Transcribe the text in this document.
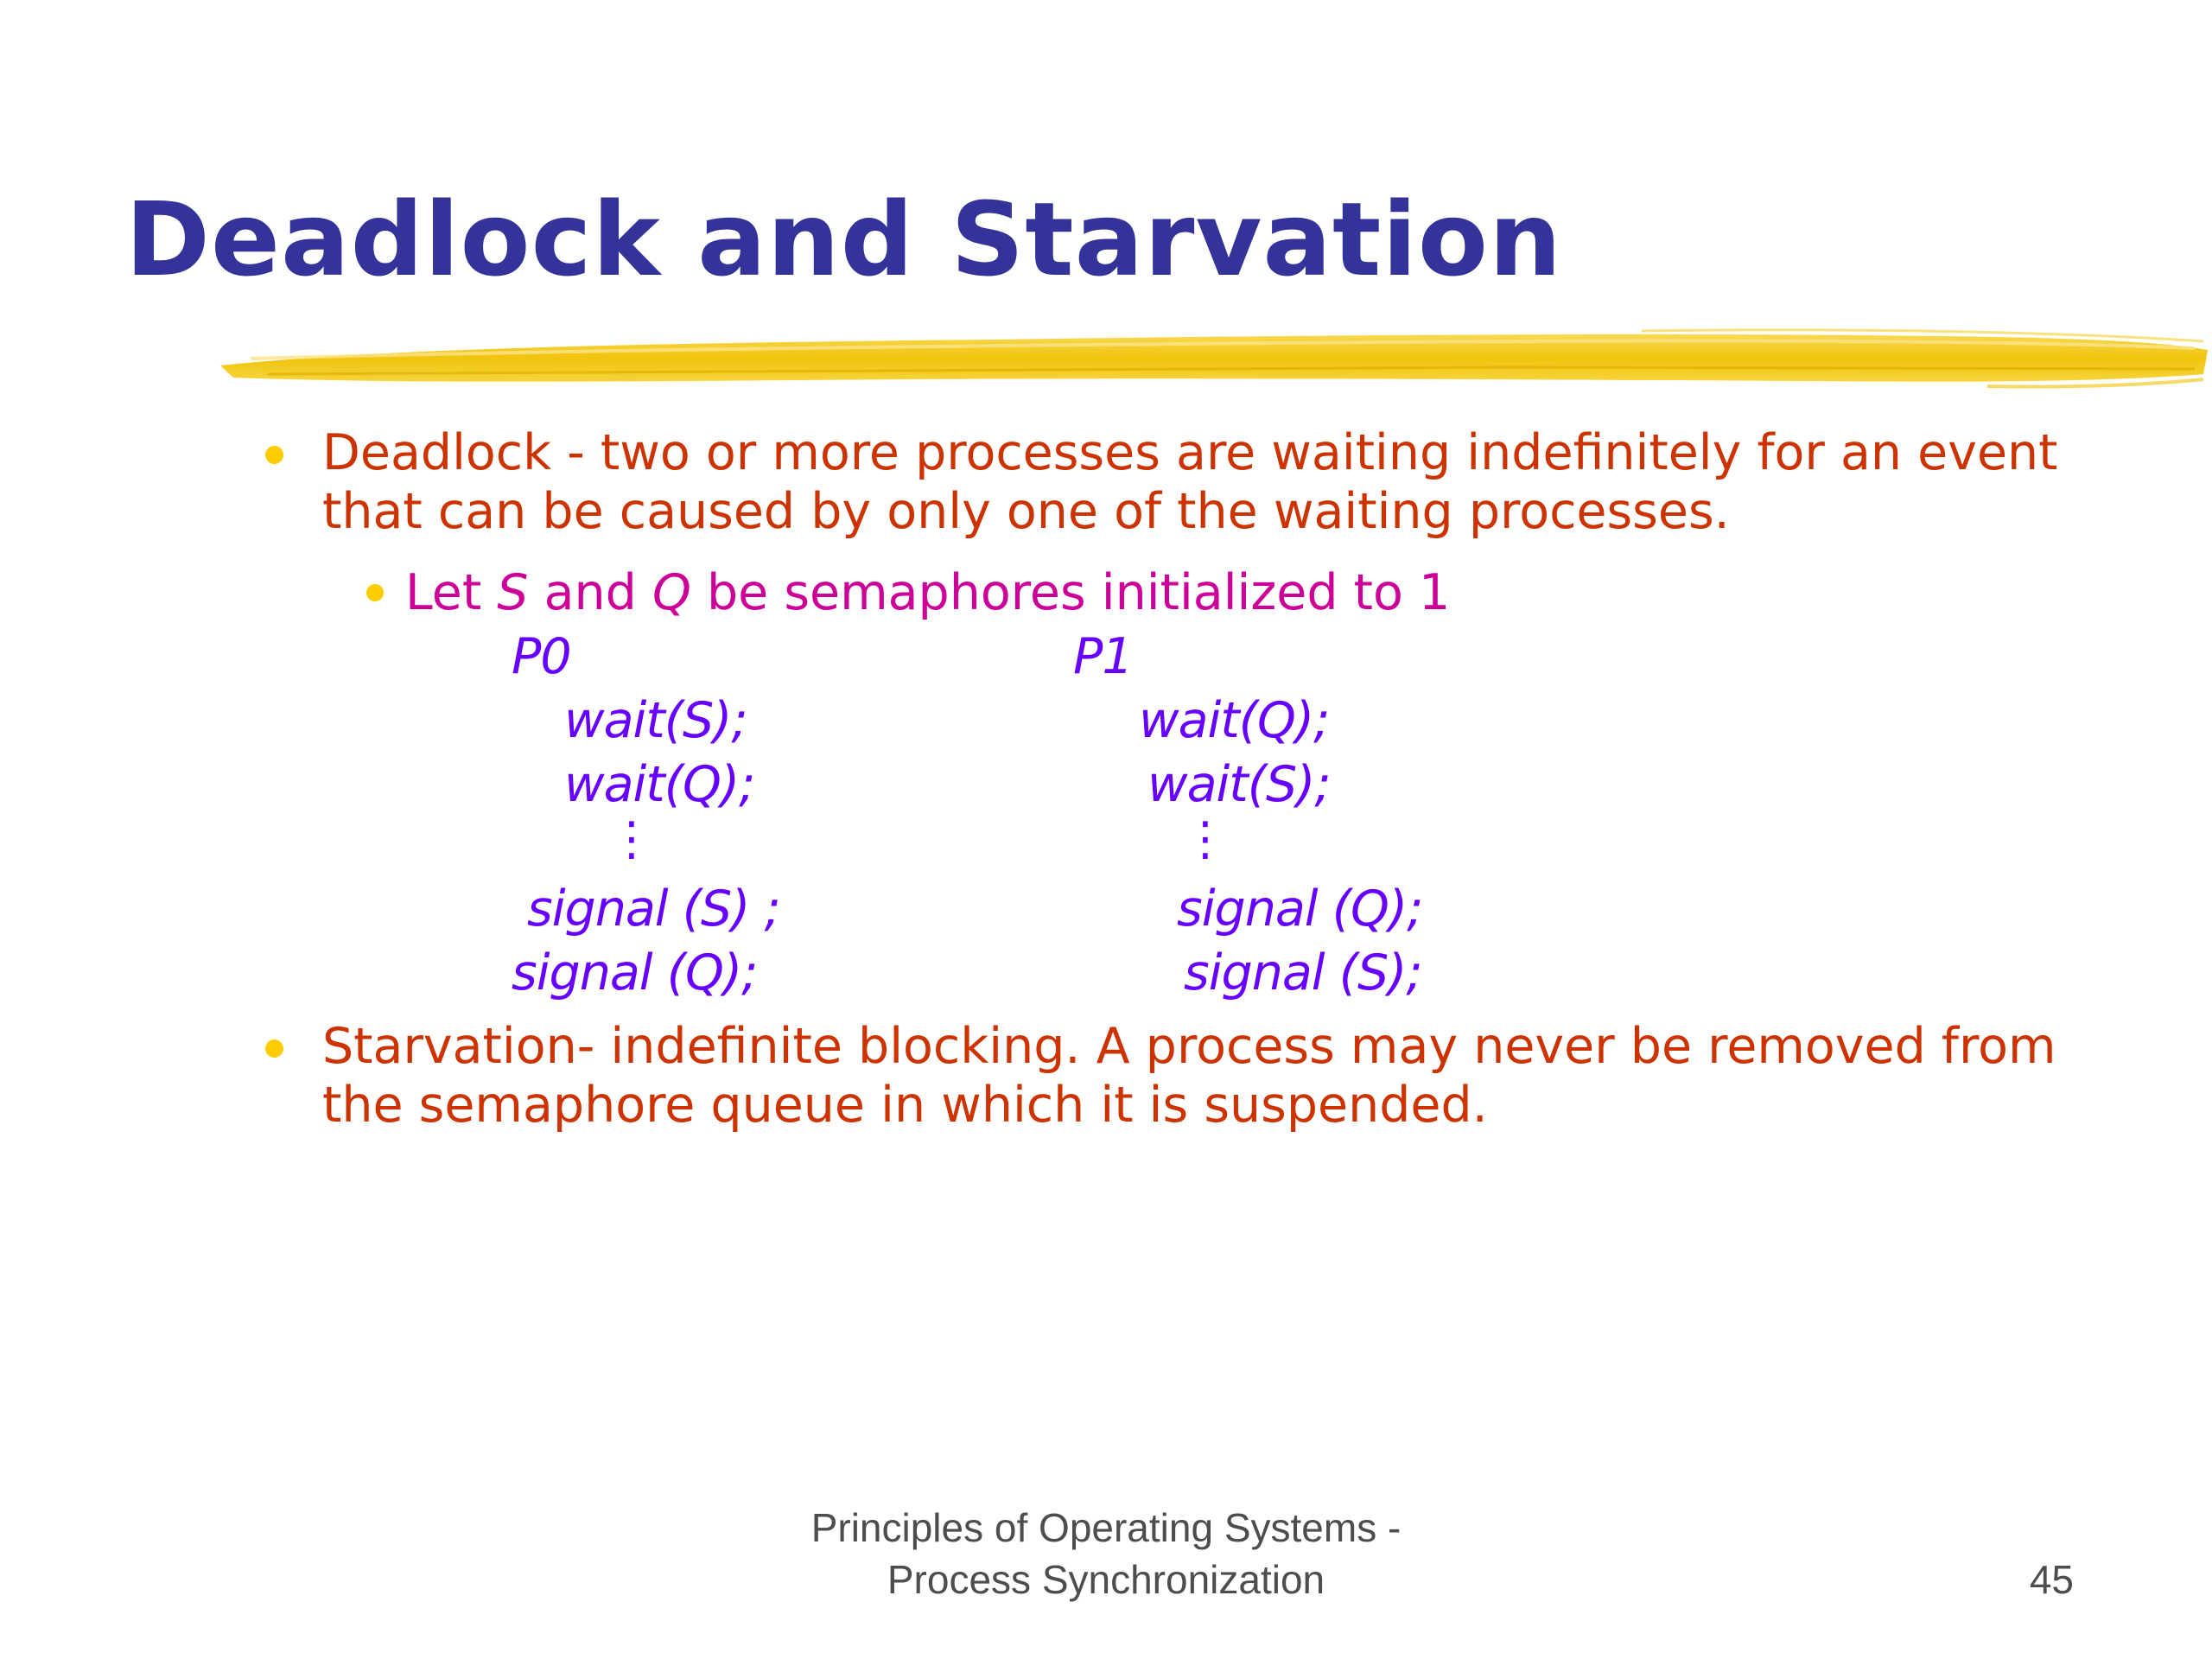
Deadlock and Starvation
Deadlock - two or more processes are waiting indefinitely for an event that can be caused by only one of the waiting processes.
Let S and Q be semaphores initialized to 1
P0
wait(S);
wait(Q);
⋮
signal (S) ;
signal (Q);
P1
wait(Q);
wait(S);
⋮
signal (Q);
signal (S);
Starvation- indefinite blocking. A process may never be removed from the semaphore queue in which it is suspended.
Principles of Operating Systems -
Process Synchronization	45
